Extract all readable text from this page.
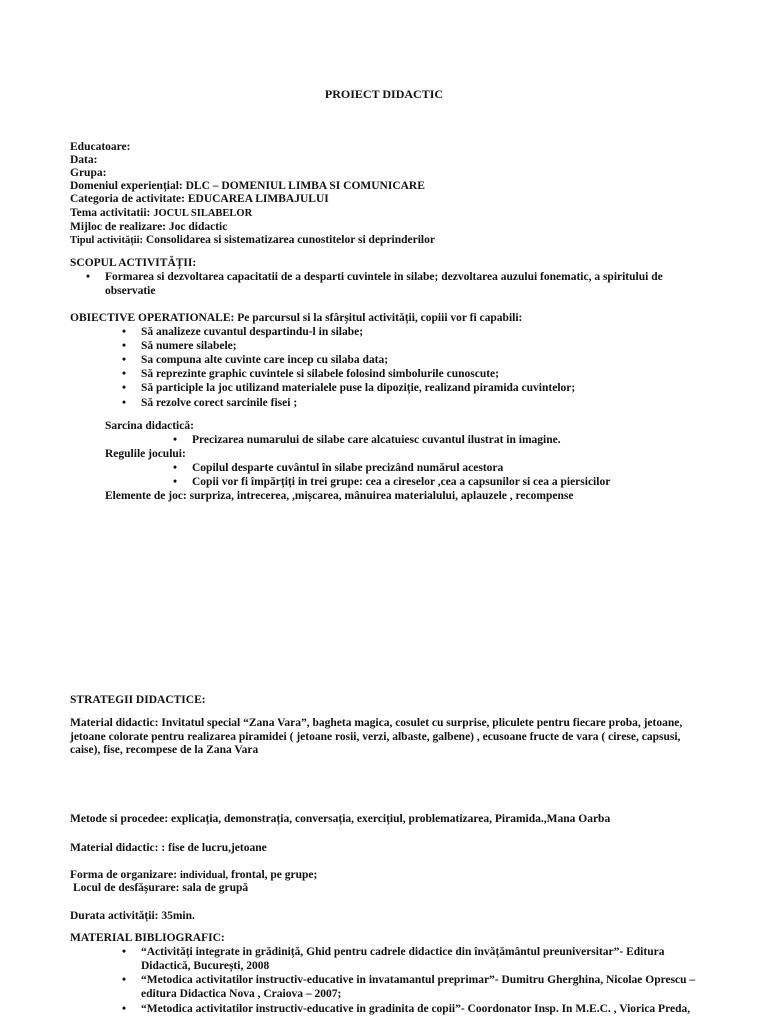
PROIECT DIDACTIC
Educatoare:
Data:
Grupa:
Domeniul experiențial: DLC – DOMENIUL LIMBA SI COMUNICARE
Categoria de activitate: EDUCAREA LIMBAJULUI
Tema activitatii: JOCUL SILABELOR
Mijloc de realizare: Joc didactic
Tipul activității: Consolidarea si sistematizarea cunostitelor si deprinderilor
SCOPUL ACTIVITĂȚII:
• Formarea si dezvoltarea capacitatii de a desparti cuvintele in silabe; dezvoltarea auzului fonematic, a spiritului de observatie
OBIECTIVE OPERATIONALE: Pe parcursul si la sfârșitul activității, copiii vor fi capabili:
• Să analizeze cuvantul despartindu-l in silabe;
• Să numere silabele;
• Sa compuna alte cuvinte care incep cu silaba data;
• Să reprezinte graphic cuvintele si silabele folosind simbolurile cunoscute;
• Să participle la joc utilizand materialele puse la dipoziție, realizand piramida cuvintelor;
• Să rezolve corect sarcinile fisei ;
Sarcina didactică:
• Precizarea numarului de silabe care alcatuiesc cuvantul ilustrat in imagine.
Regulile jocului:
• Copilul desparte cuvântul în silabe precizând numărul acestora
• Copii vor fi împărțiți in trei grupe: cea a cireselor ,cea a capsunilor si cea a piersicilor
Elemente de joc: surpriza, intrecerea, ,mișcarea, mânuirea materialului, aplauzele , recompense
STRATEGII DIDACTICE:
Material didactic: Invitatul special “Zana Vara”, bagheta magica, cosulet cu surprise, pliculete pentru fiecare proba, jetoane, jetoane colorate pentru realizarea piramidei ( jetoane rosii, verzi, albaste, galbene) , ecusoane fructe de vara ( cirese, capsusi, caise), fise, recompese de la Zana Vara
Metode si procedee: explicația, demonstrația, conversația, exercițiul, problematizarea, Piramida.,Mana Oarba
Material didactic: : fise de lucru,jetoane
Forma de organizare: individual, frontal, pe grupe;
Locul de desfășurare: sala de grupă
Durata activității: 35min.
MATERIAL BIBLIOGRAFIC:
• “Activități integrate in grădiniță, Ghid pentru cadrele didactice din învățământul preuniversitar”- Editura Didactică, București, 2008
• “Metodica activitatilor instructiv-educative in invatamantul preprimar”- Dumitru Gherghina, Nicolae Oprescu – editura Didactica Nova , Craiova – 2007;
• “Metodica activitatilor instructiv-educative in gradinita de copii”- Coordonator Insp. In M.E.C. , Viorica Preda,
